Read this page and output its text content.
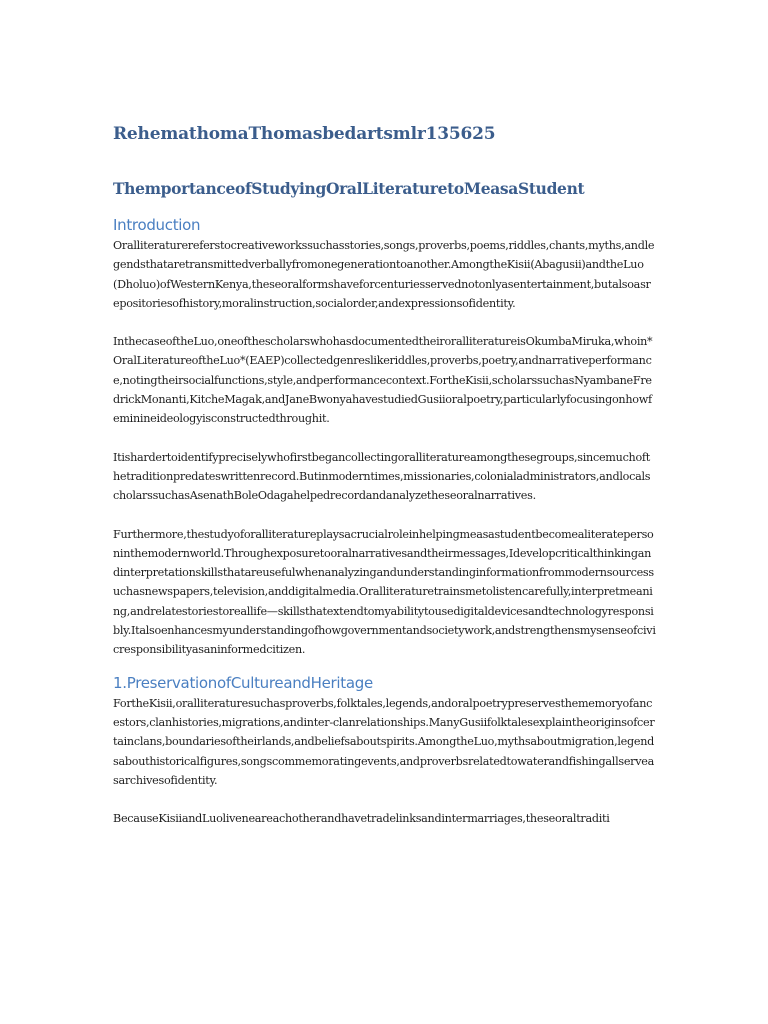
RehemathomaThomasbedartsmlr135625
ThemportanceofStudyingOralLiteraturetoMeasaStudent
Introduction

Oralliteraturereferstocreativeworkssuchasstories,songs,proverbs,poems,riddles,chants,myths,andlegendsthataretransmittedverballyfromonegenerationtoanother.AmongtheKisii(Abagusii)andtheLuo(Dholuo)ofWesternKenya,theseoralformshaveforcenturiesservednotonlyasentertainment,butalsoasrepositoriesofhistory,moralinstruction,socialorder,andexpressionsofidentity.

InthecaseoftheLuo,oneofthescholarswhohasdocumentedtheiroralliteratureisOkumbaMiruka,whoin*OralLiteratureoftheLuo*(EAEP)collectedgenreslikeriddles,proverbs,poetry,andnarrativeperformance,notingtheirsocialfunctions,style,andperformancecontext.FortheKisii,scholarssuchasNyambaneFredrickMonanti,KitcheMagak,andJaneBwonyahavestudiedGusiioralpoetry,particularlyfocusingonhowfeminineideologyisconstructedthroughit.

Itishardertoidentifypreciselywhofirstbegancollectingoralliteratureamongthesegroups,sincemuchofthetraditionpredateswrittenrecord.Butinmoderntimes,missionaries,colonialadministrators,andlocalscholarssuchasAsenathBoleOdagahelpedrecordandanalyzetheseoralnarratives.

Furthermore,thestudyoforalliteratureplaysacrucialroleinhelpingmeasastudentbecomealiteratepersoninthemodernworld.Throughexposuretooralnarrativesandtheirmessages,Idevelopcriticalthinkingandinterpretationskillsthatareusefulwhenanalyzingandunderstandinginformationfrommodernsourcessuchasnewspapers,television,anddigitalmedia.Oralliteraturetrainsmetolistencarefully,interpretmeaning,andrelatestoriestoreallife—skillsthatextendtomyabilitytousedigitaldevicesandtechnologyresponsibly.Italsoenhancesmyunderstandingofhowgovernmentandsocietywork,andstrengthensmysenseofcivicresponsibilityasaninformedcitizen.

1.PreservationofCultureandHeritage

FortheKisii,oralliteraturesuchasproverbs,folktales,legends,andoralpoetrypreservesthememoryofancestors,clanhistories,migrations,andinter-clanrelationships.ManyGusiifolktalesexplaintheoriginsofcertainclans,boundariesoftheirlands,andbeliefsaboutspirits.AmongtheLuo,mythsaboutmigration,legendsabouthistoricalfigures,songscommemoratingevents,andproverbsrelatedtowaterandfishingallserveasarchivesofidentity.

BecauseKisiiandLuoliveneareachotherandhavetradelinksandintermarriages,theseoraltraditi
